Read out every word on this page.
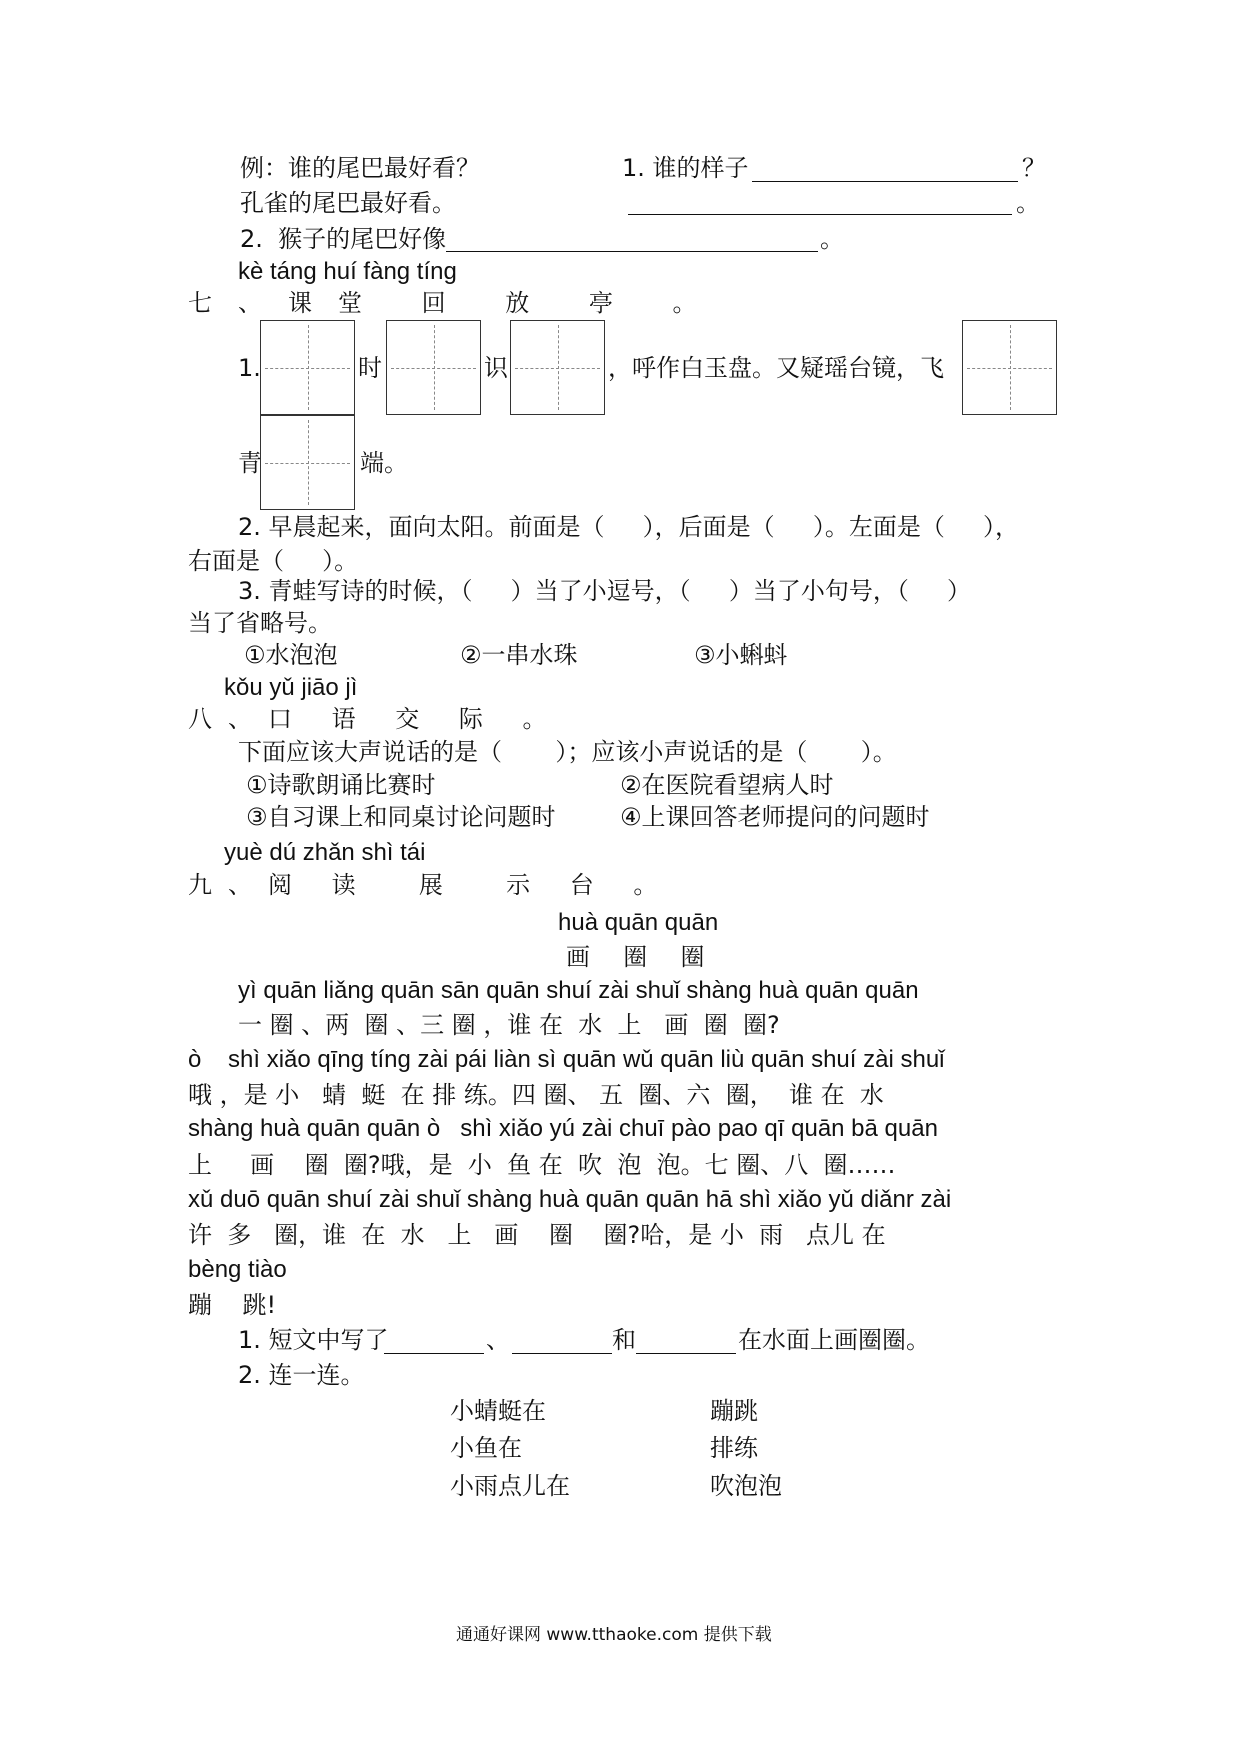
例：谁的尾巴最好看？	1. 谁的样子	？
孔雀的尾巴最好看。	。
2.  猴子的尾巴好像	。
kè táng huí fàng tíng
七、课堂 回 放 亭 。
1.	时	识	，呼作白玉盘。又疑瑶台镜，飞
青	端。
2. 早晨起来，面向太阳。前面是（     ），后面是（     ）。左面是（     ），
右面是（     ）。
3. 青蛙写诗的时候，（     ）当了小逗号，（     ）当了小句号，（     ）
当了省略号。
①水泡泡	②一串水珠	③小蝌蚪
kǒu yǔ jiāo jì
八、口 语 交 际 。
下面应该大声说话的是（       ）；应该小声说话的是（       ）。
①诗歌朗诵比赛时	②在医院看望病人时
③自习课上和同桌讨论问题时	④上课回答老师提问的问题时
yuè dú zhǎn shì tái
九、阅 读  展  示 台 。
huà quān quān
画  圈  圈
yì quān liǎng quān sān quān shuí zài shuǐ shàng huà quān quān
一 圈 、两  圈 、三 圈 ，谁 在  水  上   画  圈  圈?
ò    shì xiǎo qīng tíng zài pái liàn sì quān wǔ quān liù quān shuí zài shuǐ
哦 ，是 小   蜻  蜓  在 排 练。四 圈、 五  圈、六  圈，  谁 在  水
shàng huà quān quān ò   shì xiǎo yú zài chuī pào pao qī quān bā quān
上     画    圈  圈?哦，是  小  鱼 在  吹  泡  泡。七 圈、八  圈……
xǔ duō quān shuí zài shuǐ shàng huà quān quān hā shì xiǎo yǔ diǎnr zài
许  多   圈，谁  在  水   上   画    圈    圈?哈，是 小  雨   点儿 在
bèng tiào
蹦    跳!
1. 短文中写了	、	和	在水面上画圈圈。
2. 连一连。
小蜻蜓在
小鱼在
小雨点儿在
蹦跳
排练
吹泡泡
通通好课网 www.tthaoke.com 提供下载
